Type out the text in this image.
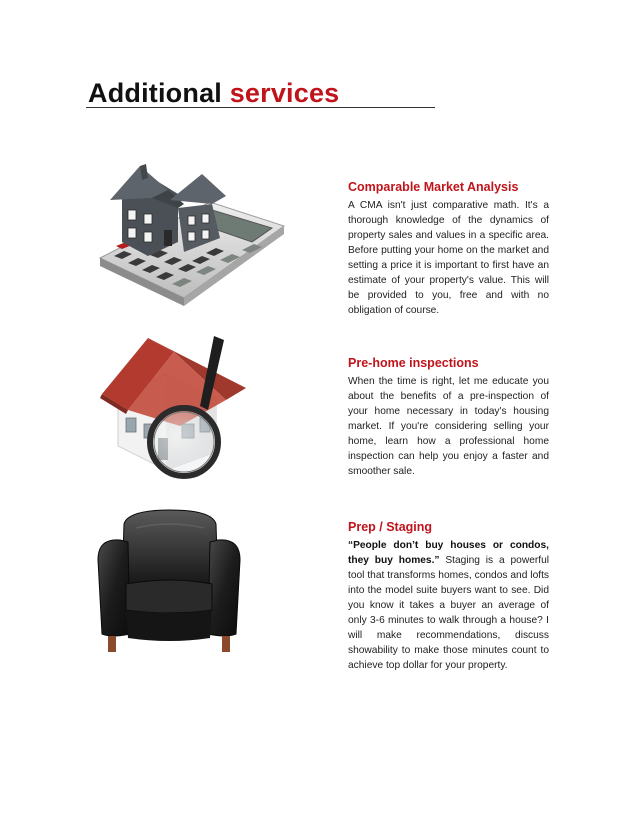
Additional services
Comparable Market Analysis

A CMA isn't just comparative math. It's a thorough knowledge of the dynamics of property sales and values in a specific area. Before putting your home on the market and setting a price it is important to first have an estimate of your property's value. This will be provided to you, free and with no obligation of course.

Pre-home inspections

When the time is right, let me educate you about the benefits of a pre-inspection of your home necessary in today's housing market. If you're considering selling your home, learn how a professional home inspection can help you enjoy a faster and smoother sale.

Prep / Staging

“People don’t buy houses or condos, they buy homes.” Staging is a powerful tool that transforms homes, condos and lofts into the model suite buyers want to see. Did you know it takes a buyer an average of only 3-6 minutes to walk through a house? I will make recommendations, discuss showability to make those minutes count to achieve top dollar for your property.
